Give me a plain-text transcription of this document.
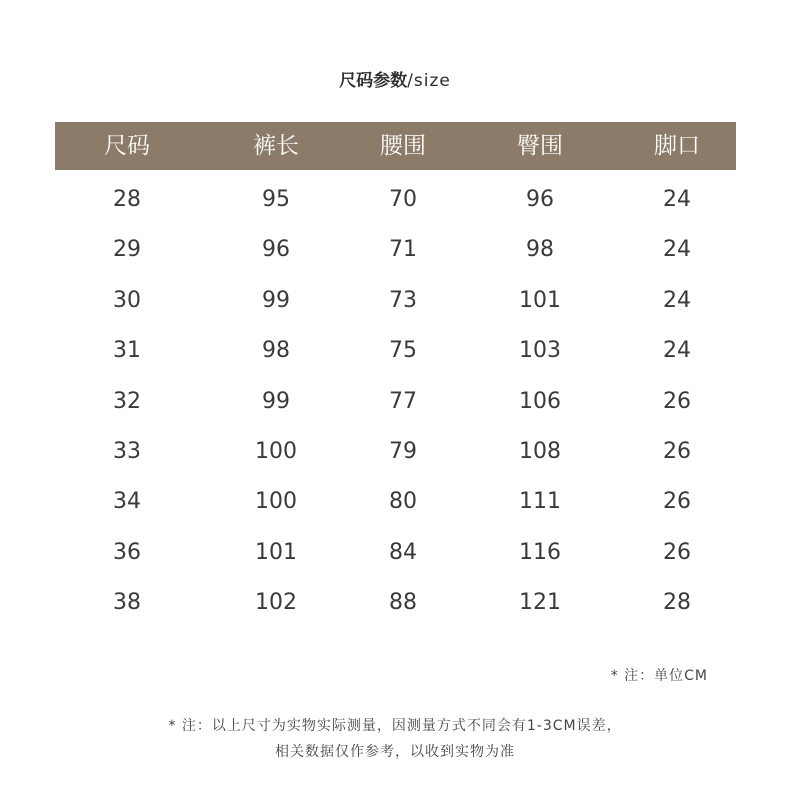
尺码参数/size
尺码	裤长	腰围	臀围	脚口
28	95	70	96	24
29	96	71	98	24
30	99	73	101	24
31	98	75	103	24
32	99	77	106	26
33	100	79	108	26
34	100	80	111	26
36	101	84	116	26
38	102	88	121	28
* 注：单位CM
* 注：以上尺寸为实物实际测量，因测量方式不同会有1-3CM误差，
相关数据仅作参考，以收到实物为准
